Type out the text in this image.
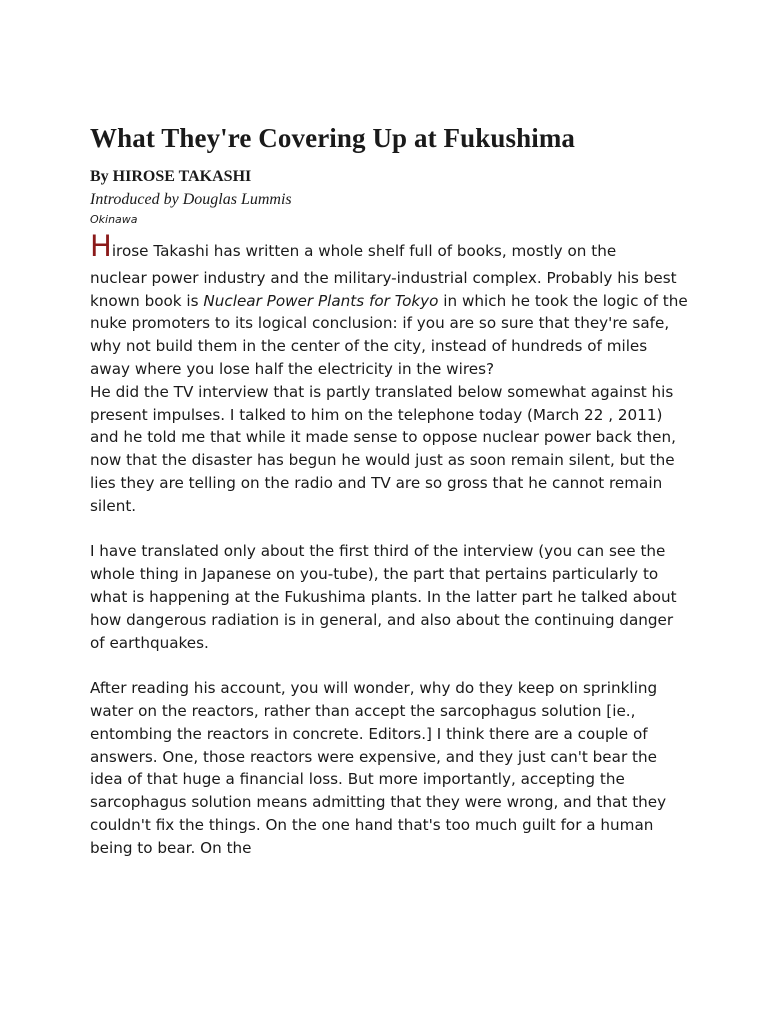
What They're Covering Up at Fukushima

By HIROSE TAKASHI

Introduced by Douglas Lummis

Okinawa

Hirose Takashi has written a whole shelf full of books, mostly on the
nuclear power industry and the military-industrial complex. Probably his best known book is Nuclear Power Plants for Tokyo in which he took the logic of the nuke promoters to its logical conclusion: if you are so sure that they're safe, why not build them in the center of the city, instead of hundreds of miles away where you lose half the electricity in the wires?

He did the TV interview that is partly translated below somewhat against his present impulses. I talked to him on the telephone today (March 22 , 2011) and he told me that while it made sense to oppose nuclear power back then, now that the disaster has begun he would just as soon remain silent, but the lies they are telling on the radio and TV are so gross that he cannot remain silent.

I have translated only about the first third of the interview (you can see the whole thing in Japanese on you-tube), the part that pertains particularly to what is happening at the Fukushima plants. In the latter part he talked about how dangerous radiation is in general, and also about the continuing danger of earthquakes.

After reading his account, you will wonder, why do they keep on sprinkling water on the reactors, rather than accept the sarcophagus solution [ie., entombing the reactors in concrete. Editors.] I think there are a couple of answers. One, those reactors were expensive, and they just can't bear the idea of that huge a financial loss. But more importantly, accepting the sarcophagus solution means admitting that they were wrong, and that they couldn't fix the things. On the one hand that's too much guilt for a human being to bear. On the
